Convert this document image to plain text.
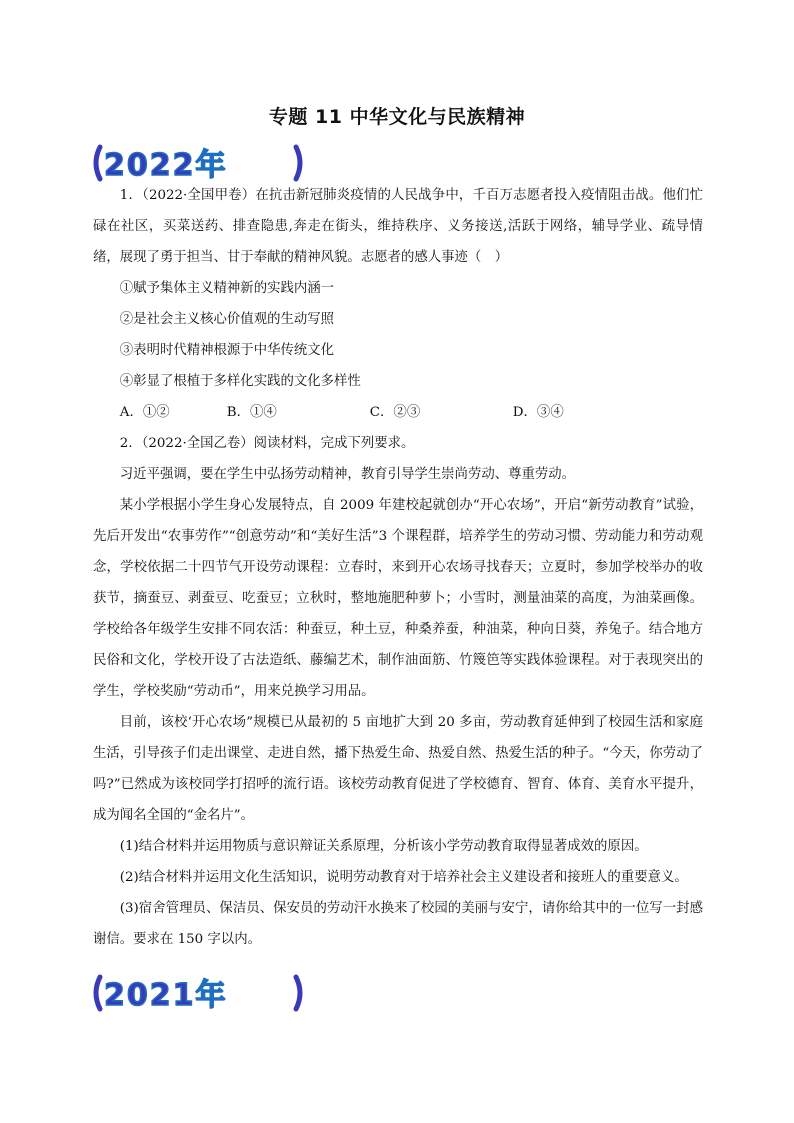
专题 11 中华文化与民族精神
2022年

1．（2022·全国甲卷）在抗击新冠肺炎疫情的人民战争中，千百万志愿者投入疫情阻击战。他们忙碌在社区，买菜送药、排查隐患,奔走在街头，维持秩序、义务接送,活跃于网络，辅导学业、疏导情绪，展现了勇于担当、甘于奉献的精神风貌。志愿者的感人事迹（　）

①赋予集体主义精神新的实践内涵一

②是社会主义核心价值观的生动写照

③表明时代精神根源于中华传统文化

④彰显了根植于多样化实践的文化多样性

A．①②	B．①④	C．②③	D．③④

2．（2022·全国乙卷）阅读材料，完成下列要求。

习近平强调，要在学生中弘扬劳动精神，教育引导学生崇尚劳动、尊重劳动。

某小学根据小学生身心发展特点，自 2009 年建校起就创办“开心农场”，开启“新劳动教育”试验，先后开发出“农事劳作”“创意劳动”和“美好生活”3 个课程群，培养学生的劳动习惯、劳动能力和劳动观念，学校依据二十四节气开设劳动课程：立春时，来到开心农场寻找春天；立夏时，参加学校举办的收获节，摘蚕豆、剥蚕豆、吃蚕豆；立秋时，整地施肥种萝卜；小雪时，测量油菜的高度，为油菜画像。学校给各年级学生安排不同农活：种蚕豆，种土豆，种桑养蚕，种油菜，种向日葵，养兔子。结合地方民俗和文化，学校开设了古法造纸、藤编艺术，制作油面筋、竹篾笆等实践体验课程。对于表现突出的学生，学校奖励“劳动币”，用来兑换学习用品。

目前，该校‘开心农场”规模已从最初的 5 亩地扩大到 20 多亩，劳动教育延伸到了校园生活和家庭生活，引导孩子们走出课堂、走进自然，播下热爱生命、热爱自然、热爱生活的种子。“今天，你劳动了吗?”已然成为该校同学打招呼的流行语。该校劳动教育促进了学校德育、智育、体育、美育水平提升，成为闻名全国的“金名片”。

(1)结合材料并运用物质与意识辩证关系原理，分析该小学劳动教育取得显著成效的原因。

(2)结合材料并运用文化生活知识，说明劳动教育对于培养社会主义建设者和接班人的重要意义。

(3)宿舍管理员、保洁员、保安员的劳动汗水换来了校园的美丽与安宁，请你给其中的一位写一封感谢信。要求在 150 字以内。

2021年
